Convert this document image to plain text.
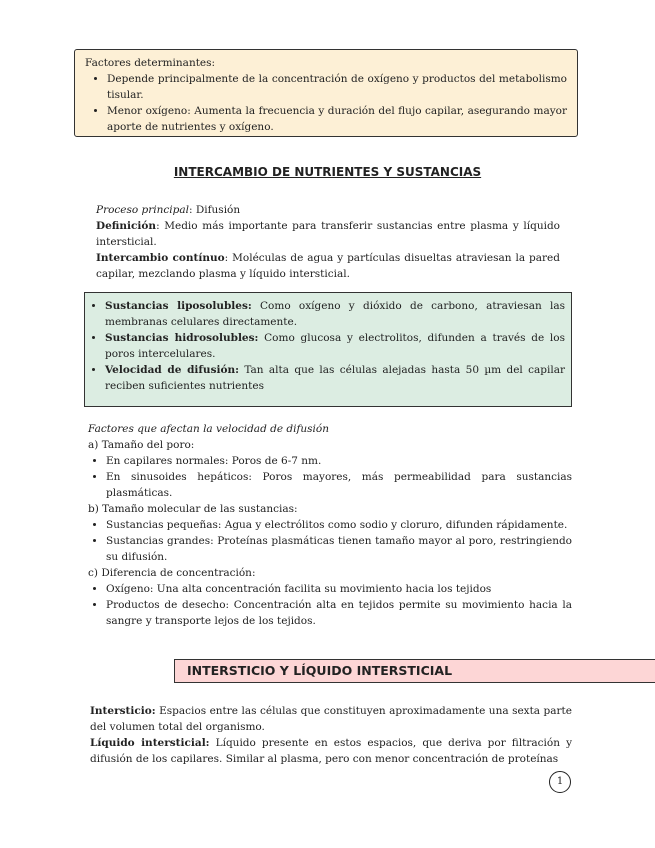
Factores determinantes:

• Depende principalmente de la concentración de oxígeno y productos del metabolismo tisular.
• Menor oxígeno: Aumenta la frecuencia y duración del flujo capilar, asegurando mayor aporte de nutrientes y oxígeno.
INTERCAMBIO DE NUTRIENTES Y SUSTANCIAS

Proceso principal: Difusión

Definición: Medio más importante para transferir sustancias entre plasma y líquido intersticial.

Intercambio contínuo: Moléculas de agua y partículas disueltas atraviesan la pared capilar, mezclando plasma y líquido intersticial.

• Sustancias liposolubles: Como oxígeno y dióxido de carbono, atraviesan las membranas celulares directamente.
• Sustancias hidrosolubles: Como glucosa y electrolitos, difunden a través de los poros intercelulares.
• Velocidad de difusión: Tan alta que las células alejadas hasta 50 µm del capilar reciben suficientes nutrientes

Factores que afectan la velocidad de difusión

a) Tamaño del poro:

• En capilares normales: Poros de 6-7 nm.
• En sinusoides hepáticos: Poros mayores, más permeabilidad para sustancias plasmáticas.

b) Tamaño molecular de las sustancias:

• Sustancias pequeñas: Agua y electrólitos como sodio y cloruro, difunden rápidamente.
• Sustancias grandes: Proteínas plasmáticas tienen tamaño mayor al poro, restringiendo su difusión.

c) Diferencia de concentración:

• Oxígeno: Una alta concentración facilita su movimiento hacia los tejidos
• Productos de desecho: Concentración alta en tejidos permite su movimiento hacia la sangre y transporte lejos de los tejidos.
INTERSTICIO Y LÍQUIDO INTERSTICIAL

Intersticio: Espacios entre las células que constituyen aproximadamente una sexta parte del volumen total del organismo.

Líquido intersticial: Líquido presente en estos espacios, que deriva por filtración y difusión de los capilares. Similar al plasma, pero con menor concentración de proteínas

1
